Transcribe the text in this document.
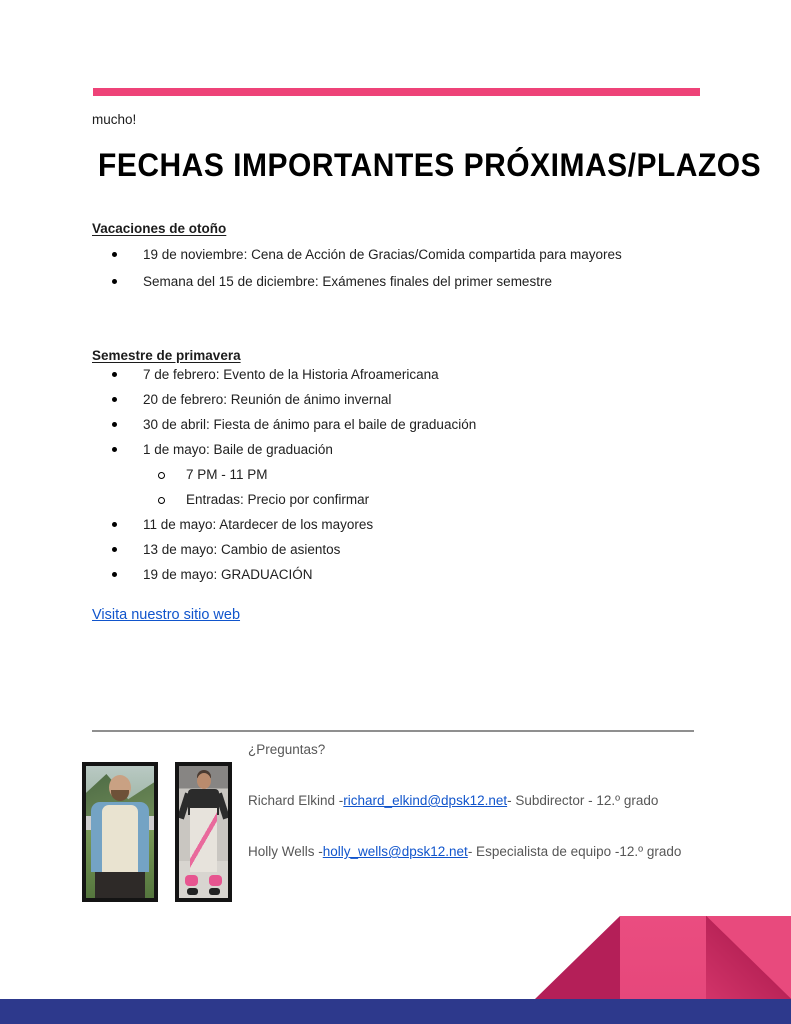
mucho!
FECHAS IMPORTANTES PRÓXIMAS/PLAZOS
Vacaciones de otoño
19 de noviembre: Cena de Acción de Gracias/Comida compartida para mayores
Semana del 15 de diciembre: Exámenes finales del primer semestre
Semestre de primavera
7 de febrero: Evento de la Historia Afroamericana
20 de febrero: Reunión de ánimo invernal
30 de abril: Fiesta de ánimo para el baile de graduación
1 de mayo: Baile de graduación
7 PM - 11 PM
Entradas: Precio por confirmar
11 de mayo: Atardecer de los mayores
13 de mayo: Cambio de asientos
19 de mayo: GRADUACIÓN
Visita nuestro sitio web
¿Preguntas?
Richard Elkind -richard_elkind@dpsk12.net- Subdirector - 12.º grado
Holly Wells -holly_wells@dpsk12.net- Especialista de equipo -12.º grado
